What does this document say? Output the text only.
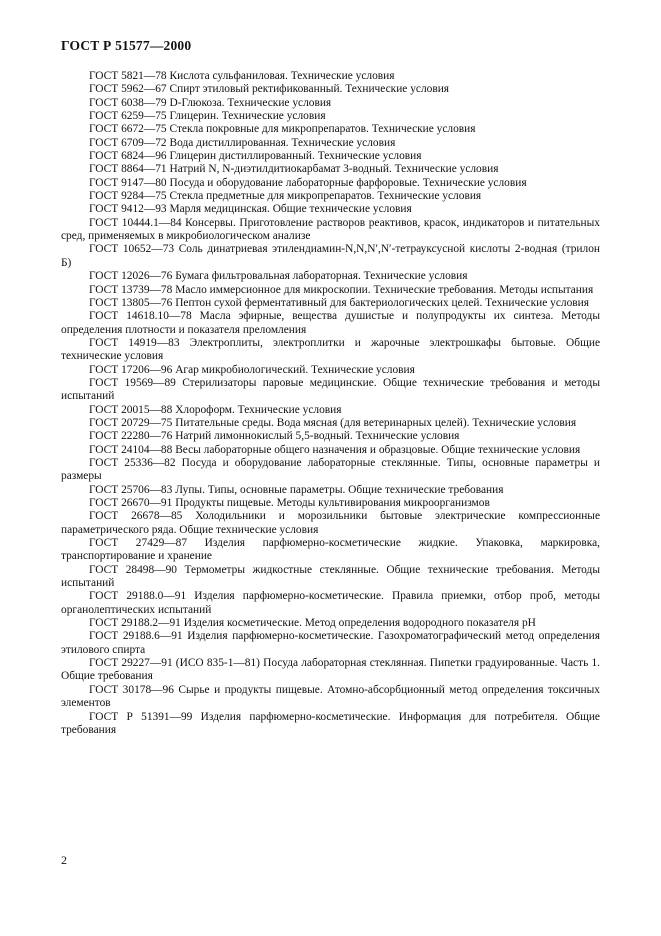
ГОСТ Р 51577—2000

ГОСТ 5821—78 Кислота сульфаниловая. Технические условия

ГОСТ 5962—67 Спирт этиловый ректификованный. Технические условия

ГОСТ 6038—79 D-Глюкоза. Технические условия

ГОСТ 6259—75 Глицерин. Технические условия

ГОСТ 6672—75 Стекла покровные для микропрепаратов. Технические условия

ГОСТ 6709—72 Вода дистиллированная. Технические условия

ГОСТ 6824—96 Глицерин дистиллированный. Технические условия

ГОСТ 8864—71 Натрий N, N-диэтилдитиокарбамат 3-водный. Технические условия

ГОСТ 9147—80 Посуда и оборудование лабораторные фарфоровые. Технические условия

ГОСТ 9284—75 Стекла предметные для микропрепаратов. Технические условия

ГОСТ 9412—93 Марля медицинская. Общие технические условия

ГОСТ 10444.1—84 Консервы. Приготовление растворов реактивов, красок, индикаторов и питательных сред, применяемых в микробиологическом анализе

ГОСТ 10652—73 Соль динатриевая этилендиамин-N,N,N′,N′-тетрауксусной кислоты 2-водная (трилон Б)

ГОСТ 12026—76 Бумага фильтровальная лабораторная. Технические условия

ГОСТ 13739—78 Масло иммерсионное для микроскопии. Технические требования. Методы испытания

ГОСТ 13805—76 Пептон сухой ферментативный для бактериологических целей. Технические условия

ГОСТ 14618.10—78 Масла эфирные, вещества душистые и полупродукты их синтеза. Методы определения плотности и показателя преломления

ГОСТ 14919—83 Электроплиты, электроплитки и жарочные электрошкафы бытовые. Общие технические условия

ГОСТ 17206—96 Агар микробиологический. Технические условия

ГОСТ 19569—89 Стерилизаторы паровые медицинские. Общие технические требования и методы испытаний

ГОСТ 20015—88 Хлороформ. Технические условия

ГОСТ 20729—75 Питательные среды. Вода мясная (для ветеринарных целей). Технические условия

ГОСТ 22280—76 Натрий лимоннокислый 5,5-водный. Технические условия

ГОСТ 24104—88 Весы лабораторные общего назначения и образцовые. Общие технические условия

ГОСТ 25336—82 Посуда и оборудование лабораторные стеклянные. Типы, основные параметры и размеры

ГОСТ 25706—83 Лупы. Типы, основные параметры. Общие технические требования

ГОСТ 26670—91 Продукты пищевые. Методы культивирования микроорганизмов

ГОСТ 26678—85 Холодильники и морозильники бытовые электрические компрессионные параметрического ряда. Общие технические условия

ГОСТ 27429—87 Изделия парфюмерно-косметические жидкие. Упаковка, маркировка, транспортирование и хранение

ГОСТ 28498—90 Термометры жидкостные стеклянные. Общие технические требования. Методы испытаний

ГОСТ 29188.0—91 Изделия парфюмерно-косметические. Правила приемки, отбор проб, методы органолептических испытаний

ГОСТ 29188.2—91 Изделия косметические. Метод определения водородного показателя pH

ГОСТ 29188.6—91 Изделия парфюмерно-косметические. Газохроматографический метод определения этилового спирта

ГОСТ 29227—91 (ИСО 835-1—81) Посуда лабораторная стеклянная. Пипетки градуированные. Часть 1. Общие требования

ГОСТ 30178—96 Сырье и продукты пищевые. Атомно-абсорбционный метод определения токсичных элементов

ГОСТ Р 51391—99 Изделия парфюмерно-косметические. Информация для потребителя. Общие требования

2
